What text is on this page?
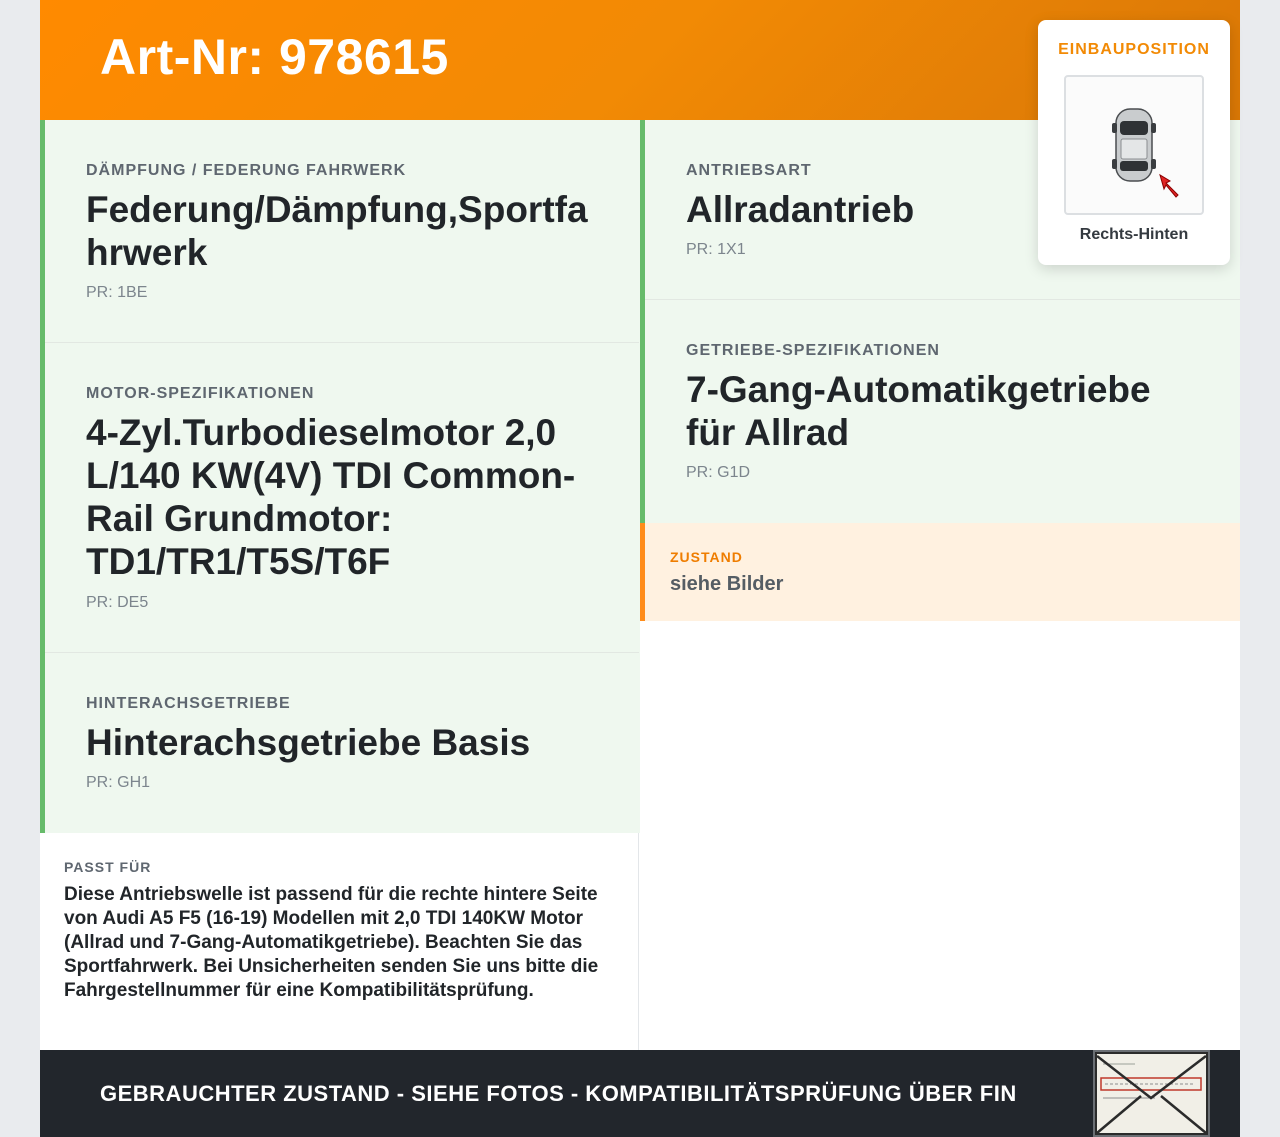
Art-Nr: 978615
DÄMPFUNG / FEDERUNG FAHRWERK
Federung/Dämpfung,Sportfa
hrwerk
PR: 1BE
MOTOR-SPEZIFIKATIONEN
4-Zyl.Turbodieselmotor 2,0
L/140 KW(4V) TDI Common-
Rail Grundmotor:
TD1/TR1/T5S/T6F
PR: DE5
HINTERACHSGETRIEBE
Hinterachsgetriebe Basis
PR: GH1
ANTRIEBSART
Allradantrieb
PR: 1X1
GETRIEBE-SPEZIFIKATIONEN
7-Gang-Automatikgetriebe
für Allrad
PR: G1D
ZUSTAND
siehe Bilder
PASST FÜR
Diese Antriebswelle ist passend für die rechte hintere Seite von Audi A5 F5 (16-19) Modellen mit 2,0 TDI 140KW Motor (Allrad und 7-Gang-Automatikgetriebe). Beachten Sie das Sportfahrwerk. Bei Unsicherheiten senden Sie uns bitte die Fahrgestellnummer für eine Kompatibilitätsprüfung.
GEBRAUCHTER ZUSTAND - SIEHE FOTOS - KOMPATIBILITÄTSPRÜFUNG ÜBER FIN
EINBAUPOSITION
Rechts-Hinten
